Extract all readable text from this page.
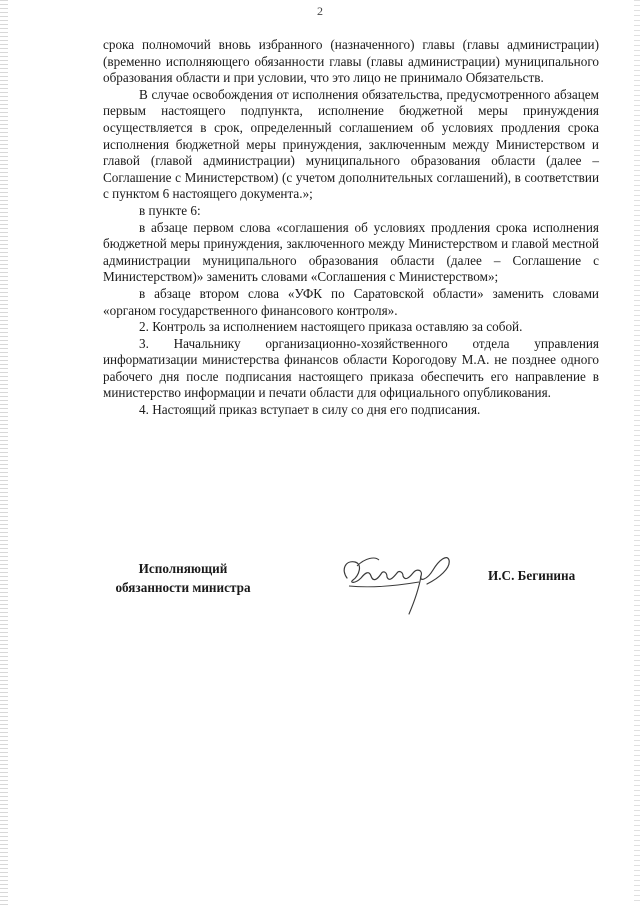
2

срока полномочий вновь избранного (назначенного) главы (главы администрации) (временно исполняющего обязанности главы (главы администрации) муниципального образования области и при условии, что это лицо не принимало Обязательств.

В случае освобождения от исполнения обязательства, предусмотренного абзацем первым настоящего подпункта, исполнение бюджетной меры принуждения осуществляется в срок, определенный соглашением об условиях продления срока исполнения бюджетной меры принуждения, заключенным между Министерством и главой (главой администрации) муниципального образования области (далее – Соглашение с Министерством) (с учетом дополнительных соглашений), в соответствии с пунктом 6 настоящего документа.»;

в пункте 6:

в абзаце первом слова «соглашения об условиях продления срока исполнения бюджетной меры принуждения, заключенного между Министерством и главой местной администрации муниципального образования области (далее – Соглашение с Министерством)» заменить словами «Соглашения с Министерством»;

в абзаце втором слова «УФК по Саратовской области» заменить словами «органом государственного финансового контроля».

2. Контроль за исполнением настоящего приказа оставляю за собой.

3. Начальнику организационно-хозяйственного отдела управления информатизации министерства финансов области Корогодову М.А. не позднее одного рабочего дня после подписания настоящего приказа обеспечить его направление в министерство информации и печати области для официального опубликования.

4. Настоящий приказ вступает в силу со дня его подписания.

Исполняющий
обязанности министра
И.С. Бегинина
